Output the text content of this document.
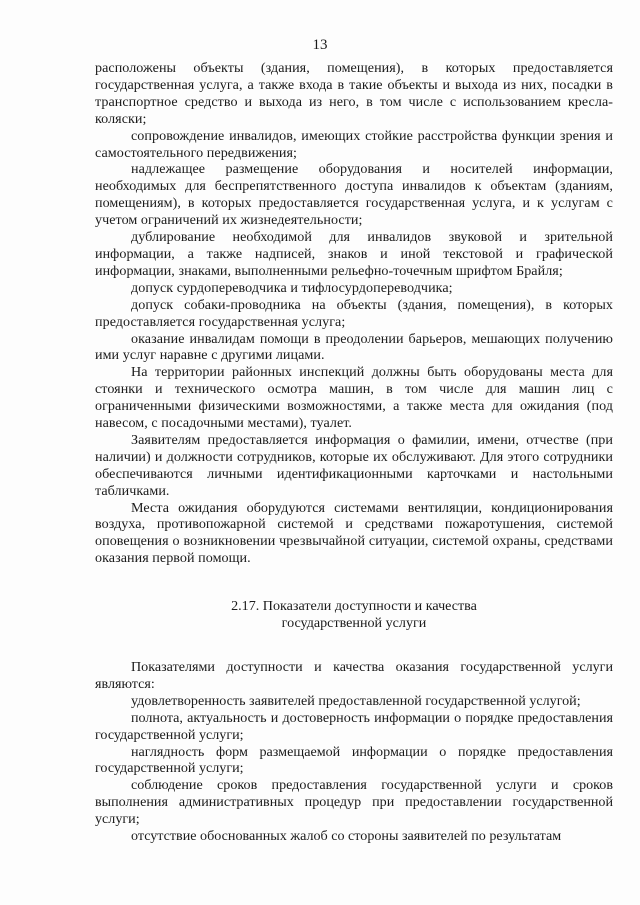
13

расположены объекты (здания, помещения), в которых предоставляется государственная услуга, а также входа в такие объекты и выхода из них, посадки в транспортное средство и выхода из него, в том числе с использованием кресла-коляски;

сопровождение инвалидов, имеющих стойкие расстройства функции зрения и самостоятельного передвижения;

надлежащее размещение оборудования и носителей информации, необходимых для беспрепятственного доступа инвалидов к объектам (зданиям, помещениям), в которых предоставляется государственная услуга, и к услугам с учетом ограничений их жизнедеятельности;

дублирование необходимой для инвалидов звуковой и зрительной информации, а также надписей, знаков и иной текстовой и графической информации, знаками, выполненными рельефно-точечным шрифтом Брайля;

допуск сурдопереводчика и тифлосурдопереводчика;

допуск собаки-проводника на объекты (здания, помещения), в которых предоставляется государственная услуга;

оказание инвалидам помощи в преодолении барьеров, мешающих получению ими услуг наравне с другими лицами.

На территории районных инспекций должны быть оборудованы места для стоянки и технического осмотра машин, в том числе для машин лиц с ограниченными физическими возможностями, а также места для ожидания (под навесом, с посадочными местами), туалет.

Заявителям предоставляется информация о фамилии, имени, отчестве (при наличии) и должности сотрудников, которые их обслуживают. Для этого сотрудники обеспечиваются личными идентификационными карточками и настольными табличками.

Места ожидания оборудуются системами вентиляции, кондиционирования воздуха, противопожарной системой и средствами пожаротушения, системой оповещения о возникновении чрезвычайной ситуации, системой охраны, средствами оказания первой помощи.

2.17. Показатели доступности и качества
государственной услуги

Показателями доступности и качества оказания государственной услуги являются:

удовлетворенность заявителей предоставленной государственной услугой;

полнота, актуальность и достоверность информации о порядке предоставления государственной услуги;

наглядность форм размещаемой информации о порядке предоставления государственной услуги;

соблюдение сроков предоставления государственной услуги и сроков выполнения административных процедур при предоставлении государственной услуги;

отсутствие обоснованных жалоб со стороны заявителей по результатам
